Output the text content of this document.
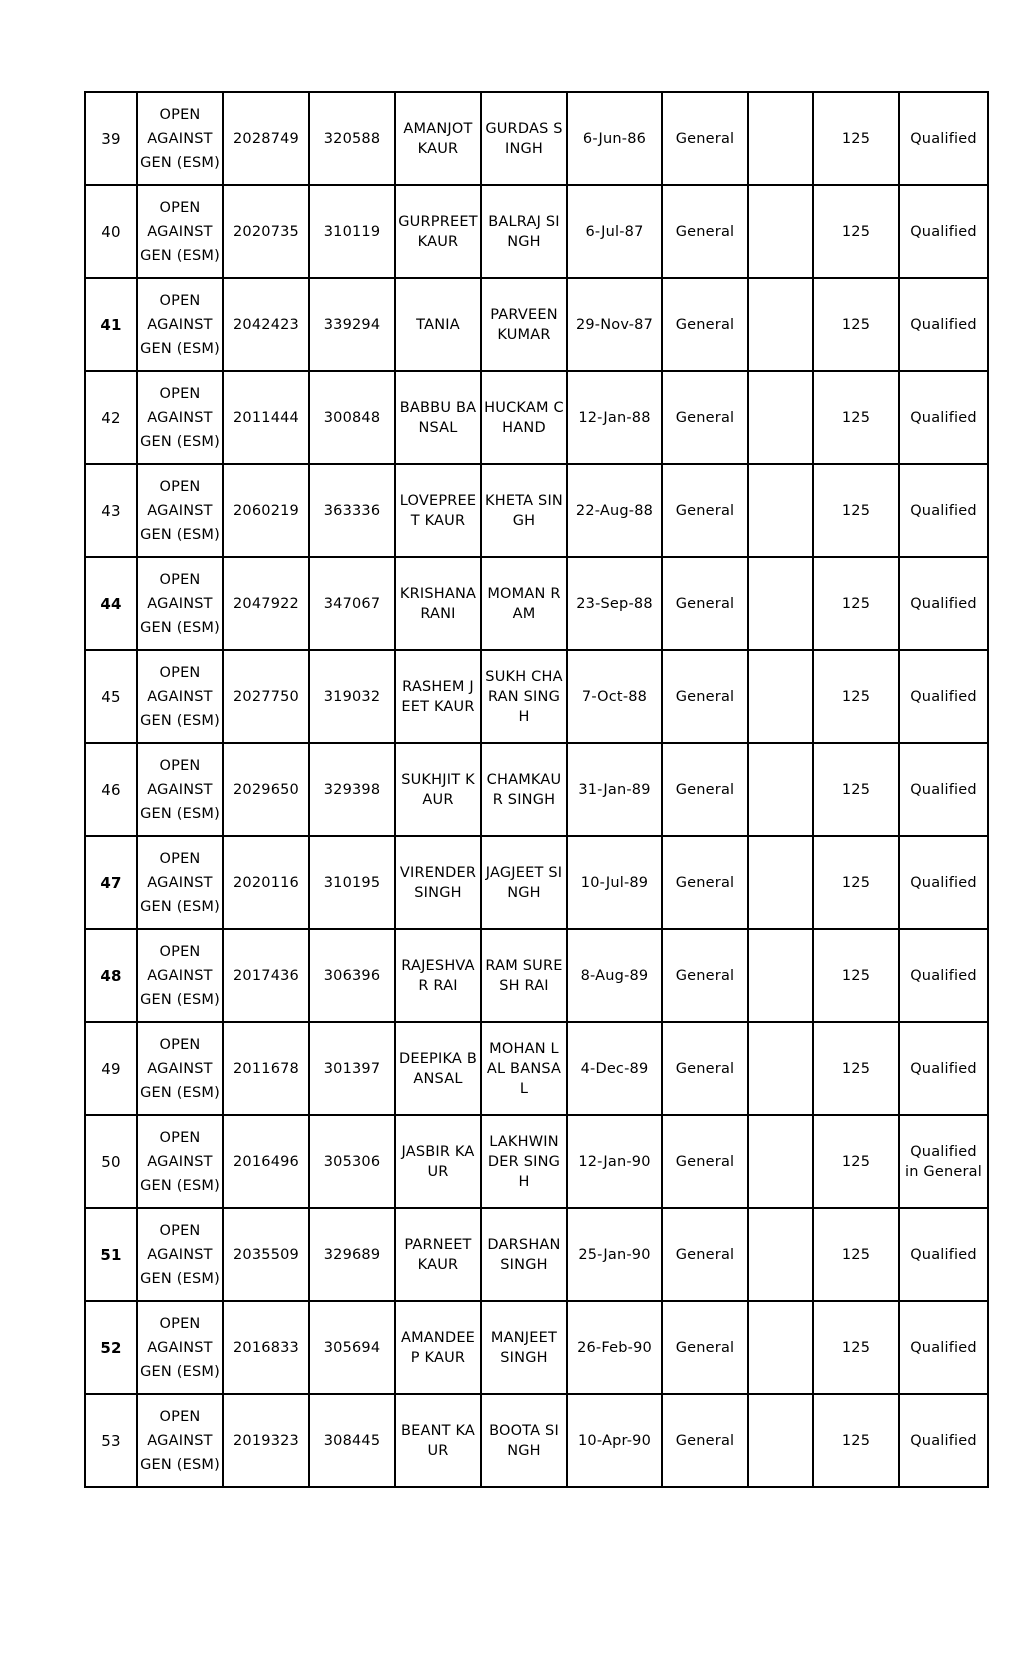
39	OPEN AGAINST GEN (ESM)	2028749	320588	AMANJOT KAUR	GURDAS SINGH	6-Jun-86	General		125	Qualified
40	OPEN AGAINST GEN (ESM)	2020735	310119	GURPREET KAUR	BALRAJ SINGH	6-Jul-87	General		125	Qualified
41	OPEN AGAINST GEN (ESM)	2042423	339294	TANIA	PARVEEN KUMAR	29-Nov-87	General		125	Qualified
42	OPEN AGAINST GEN (ESM)	2011444	300848	BABBU BANSAL	HUCKAM CHAND	12-Jan-88	General		125	Qualified
43	OPEN AGAINST GEN (ESM)	2060219	363336	LOVEPREET KAUR	KHETA SINGH	22-Aug-88	General		125	Qualified
44	OPEN AGAINST GEN (ESM)	2047922	347067	KRISHANA RANI	MOMAN RAM	23-Sep-88	General		125	Qualified
45	OPEN AGAINST GEN (ESM)	2027750	319032	RASHEM JEET KAUR	SUKH CHARAN SINGH	7-Oct-88	General		125	Qualified
46	OPEN AGAINST GEN (ESM)	2029650	329398	SUKHJIT KAUR	CHAMKAUR SINGH	31-Jan-89	General		125	Qualified
47	OPEN AGAINST GEN (ESM)	2020116	310195	VIRENDER SINGH	JAGJEET SINGH	10-Jul-89	General		125	Qualified
48	OPEN AGAINST GEN (ESM)	2017436	306396	RAJESHVAR RAI	RAM SURESH RAI	8-Aug-89	General		125	Qualified
49	OPEN AGAINST GEN (ESM)	2011678	301397	DEEPIKA BANSAL	MOHAN LAL BANSAL	4-Dec-89	General		125	Qualified
50	OPEN AGAINST GEN (ESM)	2016496	305306	JASBIR KAUR	LAKHWINDER SINGH	12-Jan-90	General		125	Qualified in General
51	OPEN AGAINST GEN (ESM)	2035509	329689	PARNEET KAUR	DARSHAN SINGH	25-Jan-90	General		125	Qualified
52	OPEN AGAINST GEN (ESM)	2016833	305694	AMANDEEP KAUR	MANJEET SINGH	26-Feb-90	General		125	Qualified
53	OPEN AGAINST GEN (ESM)	2019323	308445	BEANT KAUR	BOOTA SINGH	10-Apr-90	General		125	Qualified
